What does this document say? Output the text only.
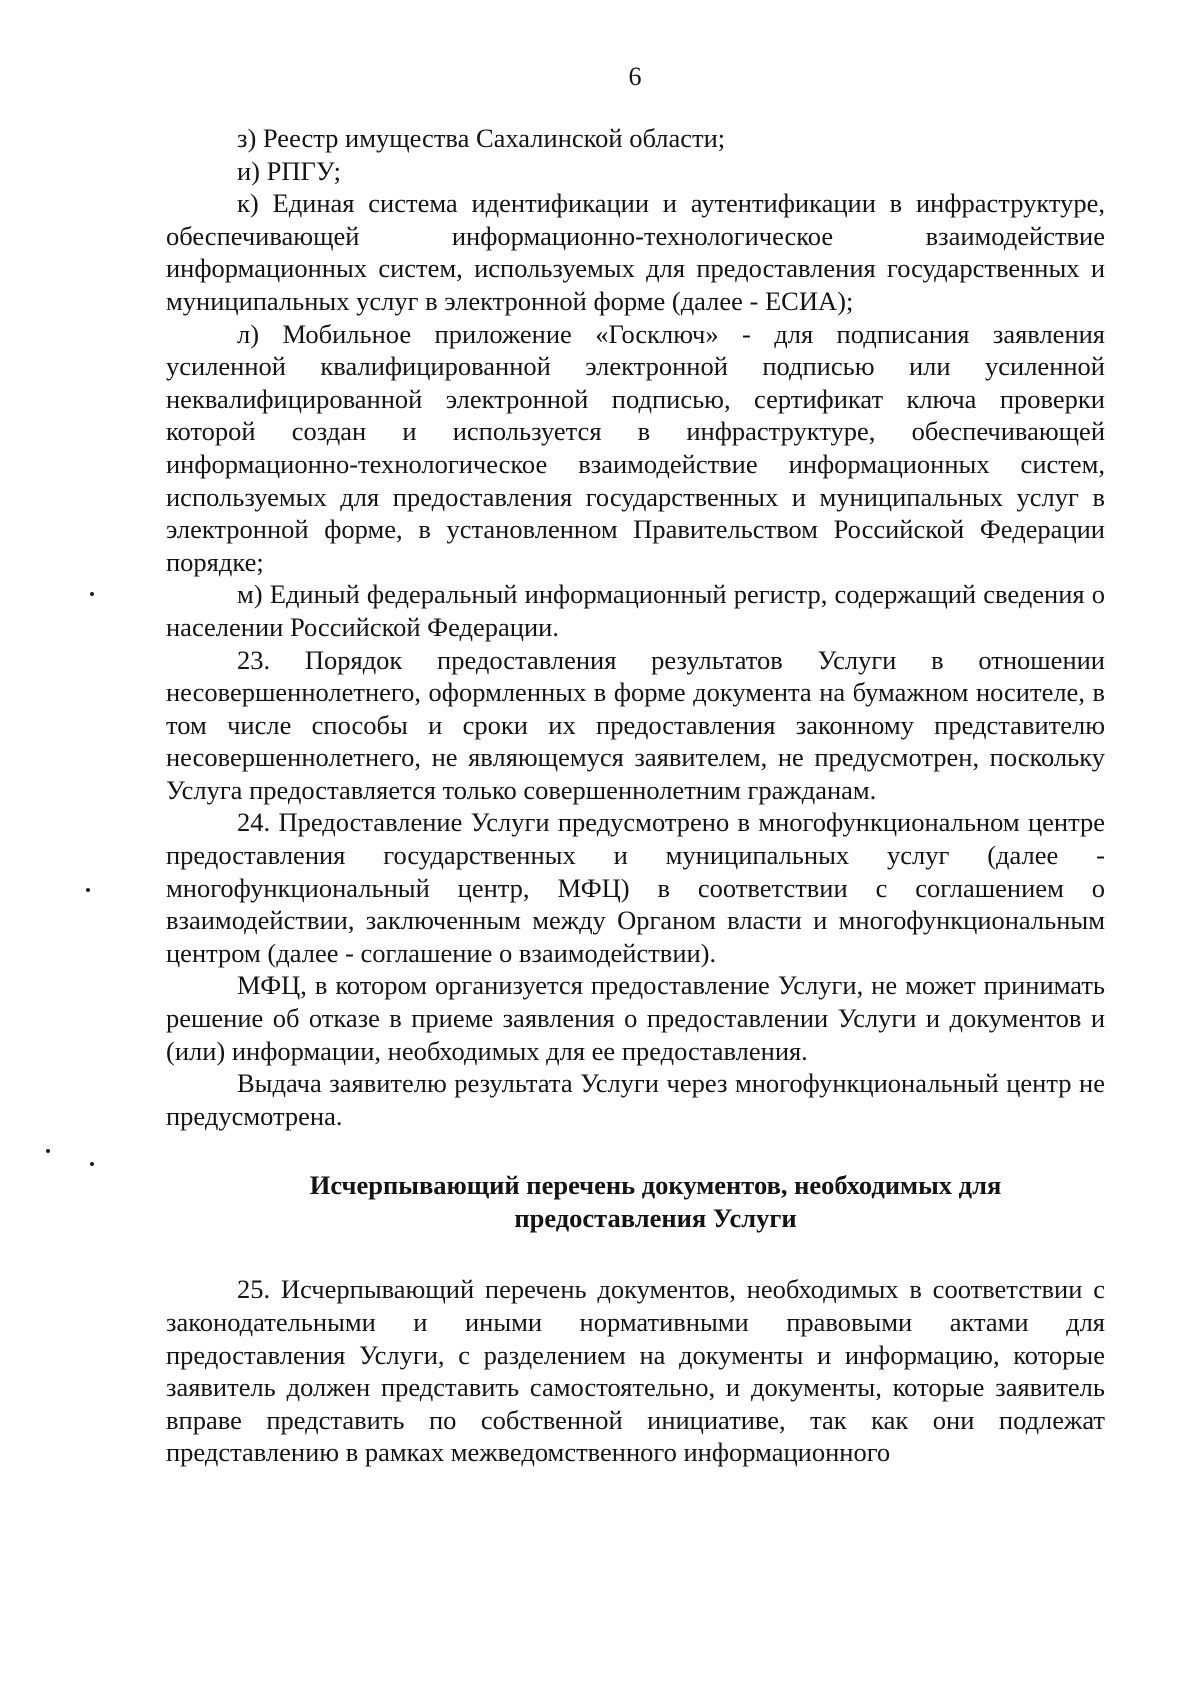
6

з) Реестр имущества Сахалинской области;

и) РПГУ;

к) Единая система идентификации и аутентификации в инфраструктуре, обеспечивающей информационно-технологическое взаимодействие информационных систем, используемых для предоставления государственных и муниципальных услуг в электронной форме (далее - ЕСИА);

л) Мобильное приложение «Госключ» - для подписания заявления усиленной квалифицированной электронной подписью или усиленной неквалифицированной электронной подписью, сертификат ключа проверки которой создан и используется в инфраструктуре, обеспечивающей информационно-технологическое взаимодействие информационных систем, используемых для предоставления государственных и муниципальных услуг в электронной форме, в установленном Правительством Российской Федерации порядке;

м) Единый федеральный информационный регистр, содержащий сведения о населении Российской Федерации.

23. Порядок предоставления результатов Услуги в отношении несовершеннолетнего, оформленных в форме документа на бумажном носителе, в том числе способы и сроки их предоставления законному представителю несовершеннолетнего, не являющемуся заявителем, не предусмотрен, поскольку Услуга предоставляется только совершеннолетним гражданам.

24. Предоставление Услуги предусмотрено в многофункциональном центре предоставления государственных и муниципальных услуг (далее - многофункциональный центр, МФЦ) в соответствии с соглашением о взаимодействии, заключенным между Органом власти и многофункциональным центром (далее - соглашение о взаимодействии).

МФЦ, в котором организуется предоставление Услуги, не может принимать решение об отказе в приеме заявления о предоставлении Услуги и документов и (или) информации, необходимых для ее предоставления.

Выдача заявителю результата Услуги через многофункциональный центр не предусмотрена.

Исчерпывающий перечень документов, необходимых для
предоставления Услуги

25. Исчерпывающий перечень документов, необходимых в соответствии с законодательными и иными нормативными правовыми актами для предоставления Услуги, с разделением на документы и информацию, которые заявитель должен представить самостоятельно, и документы, которые заявитель вправе представить по собственной инициативе, так как они подлежат представлению в рамках межведомственного информационного
